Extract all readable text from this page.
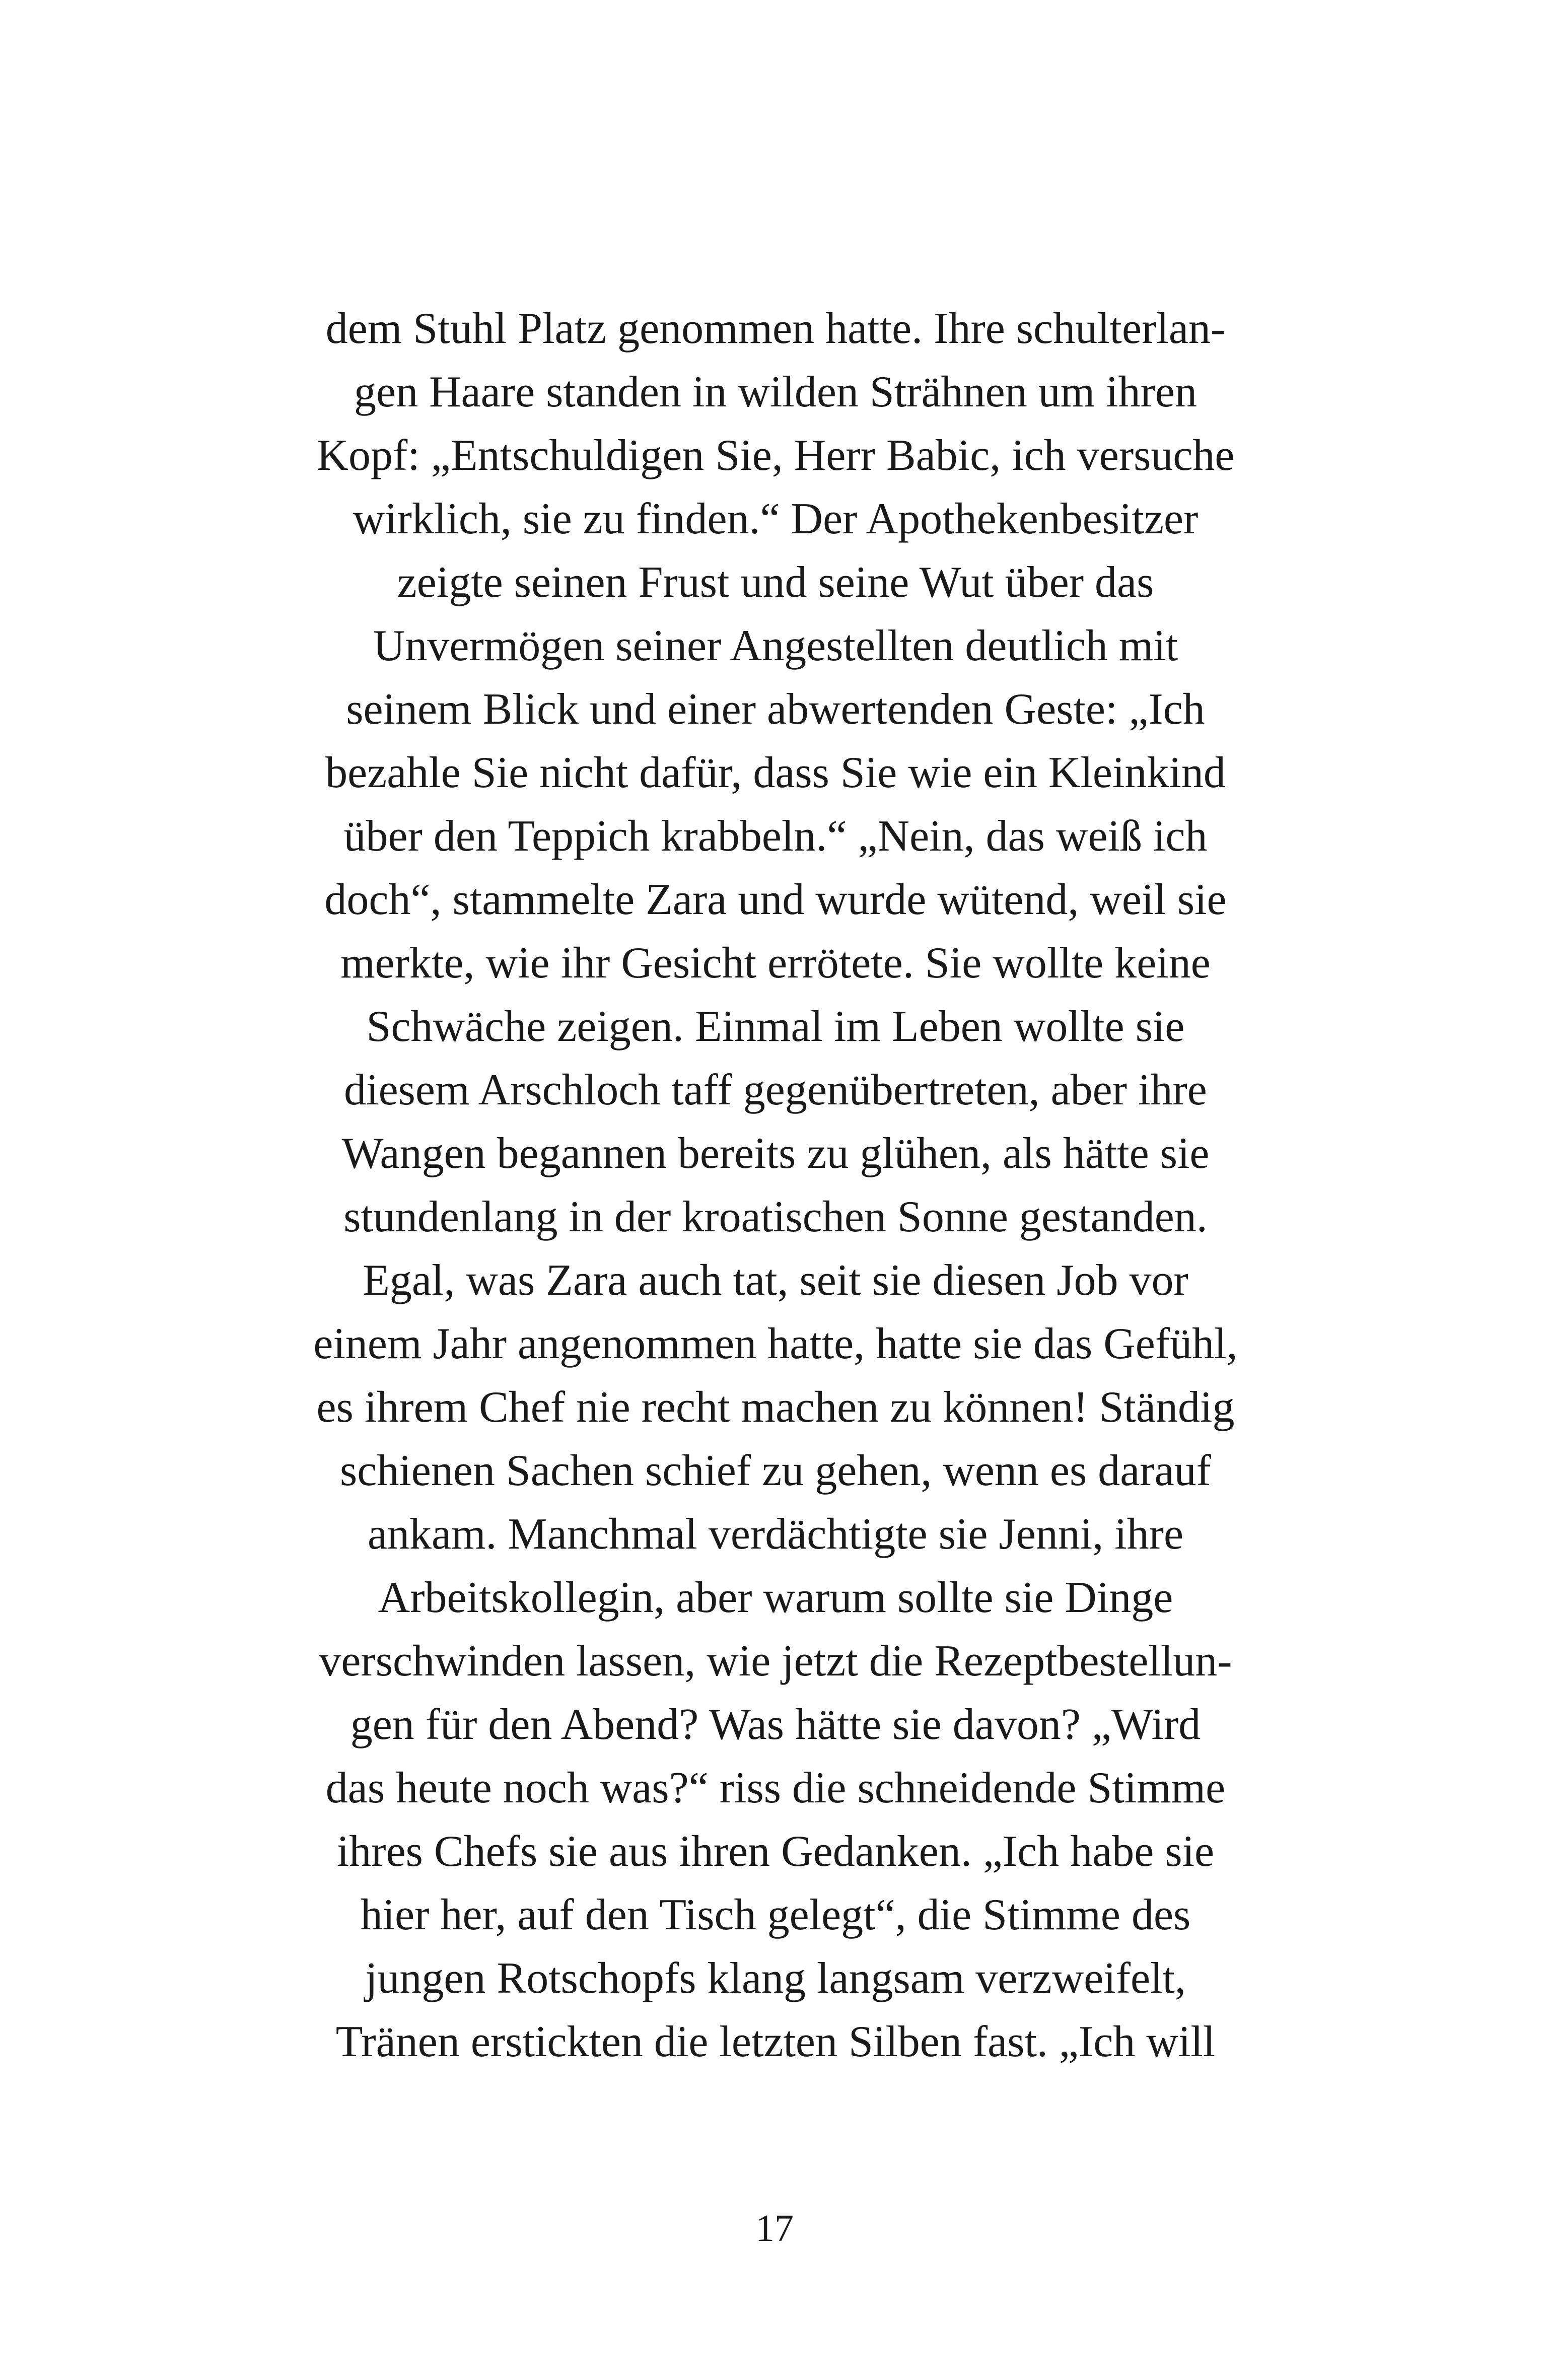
dem Stuhl Platz genommen hatte. Ihre schulterlan-
gen Haare standen in wilden Strähnen um ihren
Kopf: „Entschuldigen Sie, Herr Babic, ich versuche
wirklich, sie zu finden.“ Der Apothekenbesitzer
zeigte seinen Frust und seine Wut über das
Unvermögen seiner Angestellten deutlich mit
seinem Blick und einer abwertenden Geste: „Ich
bezahle Sie nicht dafür, dass Sie wie ein Kleinkind
über den Teppich krabbeln.“ „Nein, das weiß ich
doch“, stammelte Zara und wurde wütend, weil sie
merkte, wie ihr Gesicht errötete. Sie wollte keine
Schwäche zeigen. Einmal im Leben wollte sie
diesem Arschloch taff gegenübertreten, aber ihre
Wangen begannen bereits zu glühen, als hätte sie
stundenlang in der kroatischen Sonne gestanden.
Egal, was Zara auch tat, seit sie diesen Job vor
einem Jahr angenommen hatte, hatte sie das Gefühl,
es ihrem Chef nie recht machen zu können! Ständig
schienen Sachen schief zu gehen, wenn es darauf
ankam. Manchmal verdächtigte sie Jenni, ihre
Arbeitskollegin, aber warum sollte sie Dinge
verschwinden lassen, wie jetzt die Rezeptbestellun-
gen für den Abend? Was hätte sie davon? „Wird
das heute noch was?“ riss die schneidende Stimme
ihres Chefs sie aus ihren Gedanken. „Ich habe sie
hier her, auf den Tisch gelegt“, die Stimme des
jungen Rotschopfs klang langsam verzweifelt,
Tränen erstickten die letzten Silben fast. „Ich will
17
